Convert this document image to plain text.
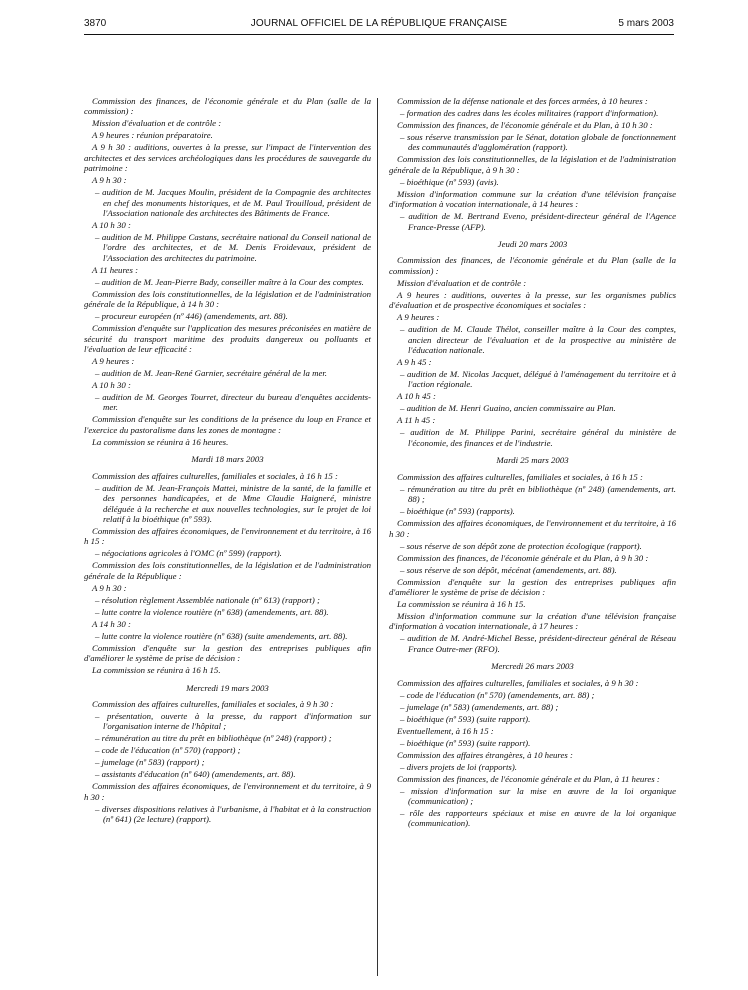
3870	JOURNAL OFFICIEL DE LA RÉPUBLIQUE FRANÇAISE	5 mars 2003

Commission des finances, de l'économie générale et du Plan (salle de la commission) :

Mission d'évaluation et de contrôle :

A 9 heures : réunion préparatoire.

A 9 h 30 : auditions, ouvertes à la presse, sur l'impact de l'intervention des architectes et des services archéologiques dans les procédures de sauvegarde du patrimoine :

A 9 h 30 :

– audition de M. Jacques Moulin, président de la Compagnie des architectes en chef des monuments historiques, et de M. Paul Trouilloud, président de l'Association nationale des architectes des Bâtiments de France.

A 10 h 30 :

– audition de M. Philippe Castans, secrétaire national du Conseil national de l'ordre des architectes, et de M. Denis Froidevaux, président de l'Association des architectes du patrimoine.

A 11 heures :

– audition de M. Jean-Pierre Bady, conseiller maître à la Cour des comptes.

Commission des lois constitutionnelles, de la législation et de l'administration générale de la République, à 14 h 30 :

– procureur européen (nº 446) (amendements, art. 88).

Commission d'enquête sur l'application des mesures préconisées en matière de sécurité du transport maritime des produits dangereux ou polluants et l'évaluation de leur efficacité :

A 9 heures :

– audition de M. Jean-René Garnier, secrétaire général de la mer.

A 10 h 30 :

– audition de M. Georges Tourret, directeur du bureau d'enquêtes accidents-mer.

Commission d'enquête sur les conditions de la présence du loup en France et l'exercice du pastoralisme dans les zones de montagne :

La commission se réunira à 16 heures.

Mardi 18 mars 2003

Commission des affaires culturelles, familiales et sociales, à 16 h 15 :

– audition de M. Jean-François Mattei, ministre de la santé, de la famille et des personnes handicapées, et de Mme Claudie Haigneré, ministre déléguée à la recherche et aux nouvelles technologies, sur le projet de loi relatif à la bioéthique (nº 593).

Commission des affaires économiques, de l'environnement et du territoire, à 16 h 15 :

– négociations agricoles à l'OMC (nº 599) (rapport).

Commission des lois constitutionnelles, de la législation et de l'administration générale de la République :

A 9 h 30 :

– résolution règlement Assemblée nationale (nº 613) (rapport) ;

– lutte contre la violence routière (nº 638) (amendements, art. 88).

A 14 h 30 :

– lutte contre la violence routière (nº 638) (suite amendements, art. 88).

Commission d'enquête sur la gestion des entreprises publiques afin d'améliorer le système de prise de décision :

La commission se réunira à 16 h 15.

Mercredi 19 mars 2003

Commission des affaires culturelles, familiales et sociales, à 9 h 30 :

– présentation, ouverte à la presse, du rapport d'information sur l'organisation interne de l'hôpital ;

– rémunération au titre du prêt en bibliothèque (nº 248) (rapport) ;

– code de l'éducation (nº 570) (rapport) ;

– jumelage (nº 583) (rapport) ;

– assistants d'éducation (nº 640) (amendements, art. 88).

Commission des affaires économiques, de l'environnement et du territoire, à 9 h 30 :

– diverses dispositions relatives à l'urbanisme, à l'habitat et à la construction (nº 641) (2e lecture) (rapport).

Commission de la défense nationale et des forces armées, à 10 heures :

– formation des cadres dans les écoles militaires (rapport d'information).

Commission des finances, de l'économie générale et du Plan, à 10 h 30 :

– sous réserve transmission par le Sénat, dotation globale de fonctionnement des communautés d'agglomération (rapport).

Commission des lois constitutionnelles, de la législation et de l'administration générale de la République, à 9 h 30 :

– bioéthique (nº 593) (avis).

Mission d'information commune sur la création d'une télévision française d'information à vocation internationale, à 14 heures :

– audition de M. Bertrand Eveno, président-directeur général de l'Agence France-Presse (AFP).

Jeudi 20 mars 2003

Commission des finances, de l'économie générale et du Plan (salle de la commission) :

Mission d'évaluation et de contrôle :

A 9 heures : auditions, ouvertes à la presse, sur les organismes publics d'évaluation et de prospective économiques et sociales :

A 9 heures :

– audition de M. Claude Thélot, conseiller maître à la Cour des comptes, ancien directeur de l'évaluation et de la prospective au ministère de l'éducation nationale.

A 9 h 45 :

– audition de M. Nicolas Jacquet, délégué à l'aménagement du territoire et à l'action régionale.

A 10 h 45 :

– audition de M. Henri Guaino, ancien commissaire au Plan.

A 11 h 45 :

– audition de M. Philippe Parini, secrétaire général du ministère de l'économie, des finances et de l'industrie.

Mardi 25 mars 2003

Commission des affaires culturelles, familiales et sociales, à 16 h 15 :

– rémunération au titre du prêt en bibliothèque (nº 248) (amendements, art. 88) ;

– bioéthique (nº 593) (rapports).

Commission des affaires économiques, de l'environnement et du territoire, à 16 h 30 :

– sous réserve de son dépôt zone de protection écologique (rapport).

Commission des finances, de l'économie générale et du Plan, à 9 h 30 :

– sous réserve de son dépôt, mécénat (amendements, art. 88).

Commission d'enquête sur la gestion des entreprises publiques afin d'améliorer le système de prise de décision :

La commission se réunira à 16 h 15.

Mission d'information commune sur la création d'une télévision française d'information à vocation internationale, à 17 heures :

– audition de M. André-Michel Besse, président-directeur général de Réseau France Outre-mer (RFO).

Mercredi 26 mars 2003

Commission des affaires culturelles, familiales et sociales, à 9 h 30 :

– code de l'éducation (nº 570) (amendements, art. 88) ;

– jumelage (nº 583) (amendements, art. 88) ;

– bioéthique (nº 593) (suite rapport).

Eventuellement, à 16 h 15 :

– bioéthique (nº 593) (suite rapport).

Commission des affaires étrangères, à 10 heures :

– divers projets de loi (rapports).

Commission des finances, de l'économie générale et du Plan, à 11 heures :

– mission d'information sur la mise en œuvre de la loi organique (communication) ;

– rôle des rapporteurs spéciaux et mise en œuvre de la loi organique (communication).
